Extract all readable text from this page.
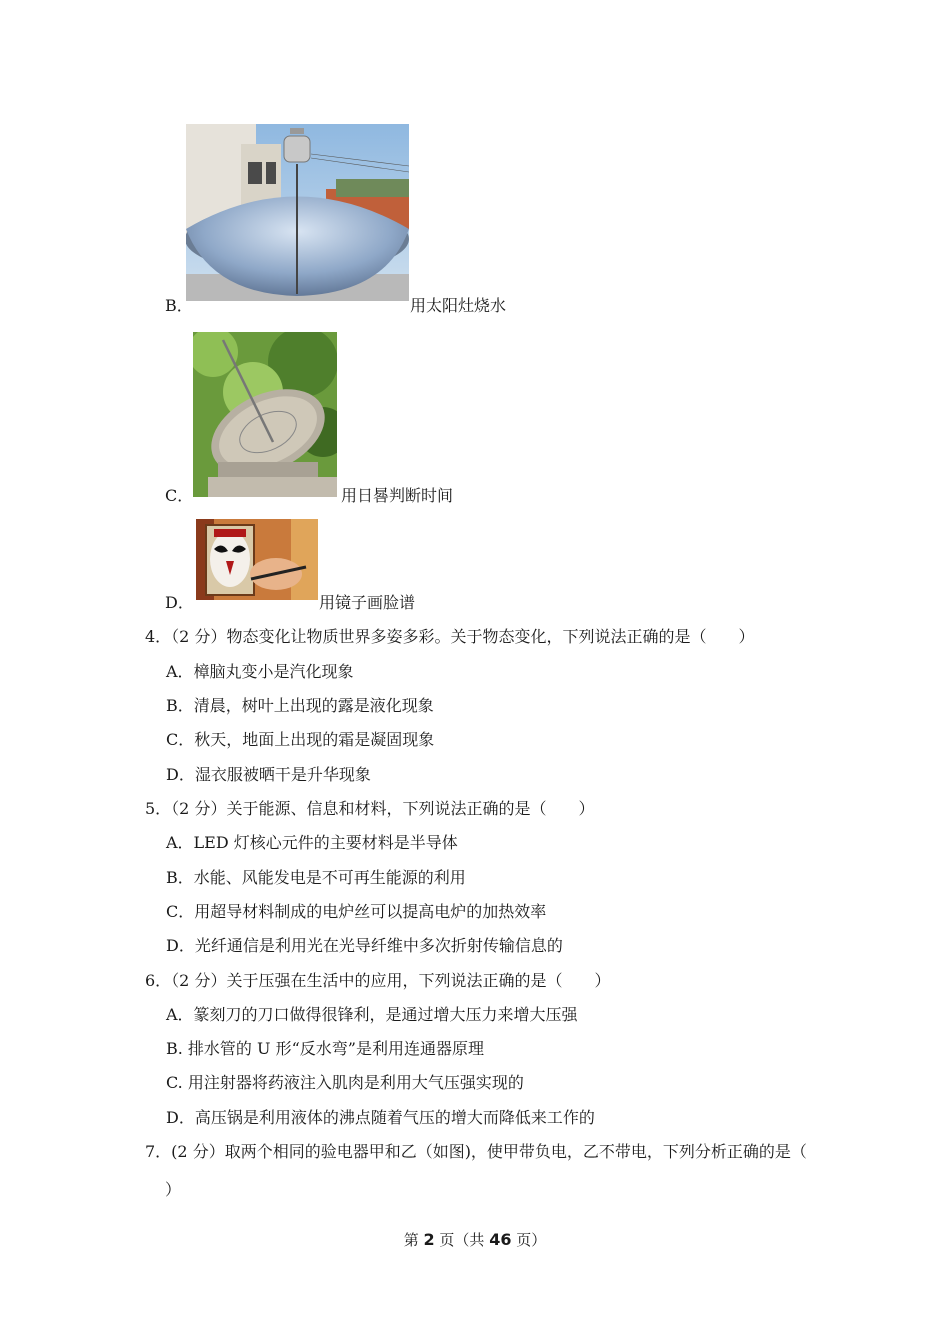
B．	用太阳灶烧水
C．	用日晷判断时间
D．	用镜子画脸谱
4．（2 分）物态变化让物质世界多姿多彩。关于物态变化，下列说法正确的是（　　）
A．樟脑丸变小是汽化现象
B．清晨，树叶上出现的露是液化现象
C．秋天，地面上出现的霜是凝固现象
D．湿衣服被晒干是升华现象
5．（2 分）关于能源、信息和材料，下列说法正确的是（　　）
A．LED 灯核心元件的主要材料是半导体
B．水能、风能发电是不可再生能源的利用
C．用超导材料制成的电炉丝可以提高电炉的加热效率
D．光纤通信是利用光在光导纤维中多次折射传输信息的
6．（2 分）关于压强在生活中的应用，下列说法正确的是（　　）
A．篆刻刀的刀口做得很锋利，是通过增大压力来增大压强
B. 排水管的 U 形“反水弯”是利用连通器原理
C. 用注射器将药液注入肌肉是利用大气压强实现的
D．高压锅是利用液体的沸点随着气压的增大而降低来工作的
7．(2 分）取两个相同的验电器甲和乙（如图)，使甲带负电，乙不带电，下列分析正确的是（
）
第 2 页（共 46 页）
